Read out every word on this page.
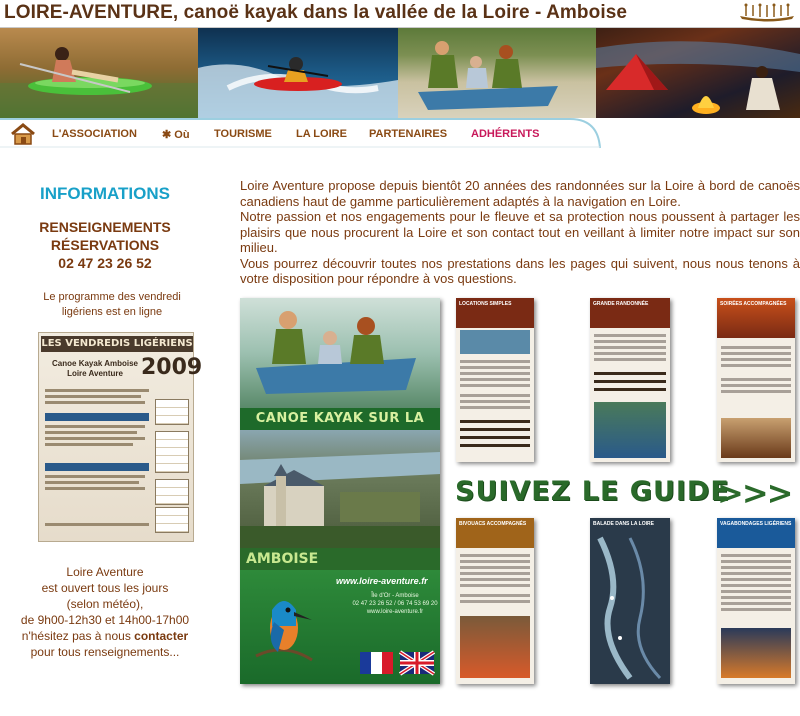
LOIRE-AVENTURE, canoë kayak dans la vallée de la Loire - Amboise
L'ASSOCIATION ✱ Où TOURISME LA LOIRE PARTENAIRES ADHÉRENTS
INFORMATIONS
RENSEIGNEMENTS
RÉSERVATIONS
02 47 23 26 52
Le programme des vendredi
ligériens est en ligne
LES VENDREDIS LIGÉRIENS
Canoe Kayak Amboise
Loire Aventure 2009
Loire Aventure
est ouvert tous les jours
(selon météo),
de 9h00-12h30 et 14h00-17h00
n'hésitez pas à nous contacter
pour tous renseignements...

Loire Aventure propose depuis bientôt 20 années des randonnées sur la Loire à bord de canoës canadiens haut de gamme particulièrement adaptés à la navigation en Loire.

Notre passion et nos engagements pour le fleuve et sa protection nous poussent à partager les plaisirs que nous procurent la Loire et son contact tout en veillant à limiter notre impact sur son milieu.

Vous pourrez découvrir toutes nos prestations dans les pages qui suivent, nous nous tenons à votre disposition pour répondre à vos questions.

CANOE KAYAK SUR LA
AMBOISE
www.loire-aventure.fr
Île d'Or - Amboise
02 47 23 26 52 / 06 74 53 69 20
www.loire-aventure.fr
LOCATIONS SIMPLES	GRANDE RANDONNÉE	SOIRÉES ACCOMPAGNÉES
SUIVEZ LE GUIDE
>>>
BIVOUACS ACCOMPAGNÉS	BALADE DANS LA LOIRE	VAGABONDAGES LIGÉRIENS
